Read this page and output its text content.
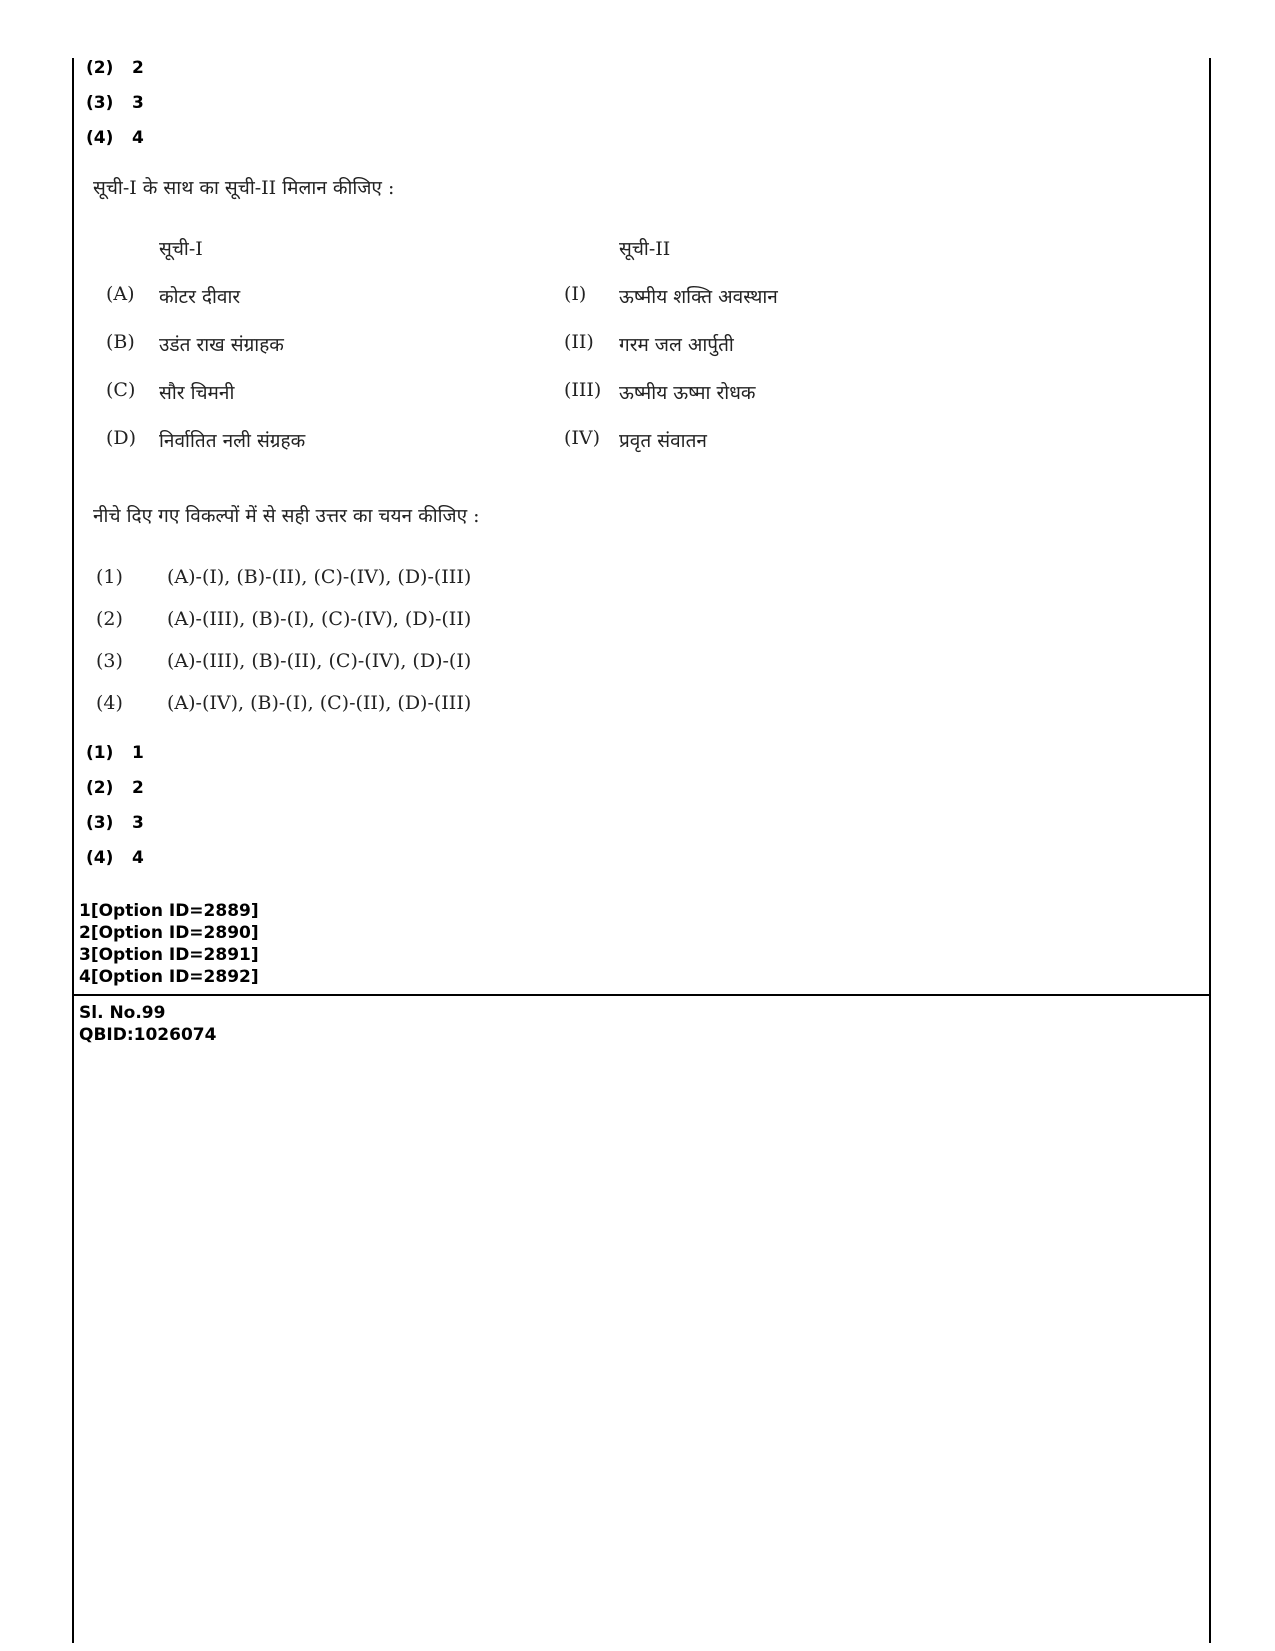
(2) 2
(3) 3
(4) 4
सूची-I के साथ का सूची-II मिलान कीजिए :
सूची-I	सूची-II
(A) कोटर दीवार
(B) उडंत राख संग्राहक
(C) सौर चिमनी
(D) निर्वातित नली संग्रहक
(I) ऊष्मीय शक्ति अवस्थान
(II) गरम जल आर्पुती
(III) ऊष्मीय ऊष्मा रोधक
(IV) प्रवृत संवातन
नीचे दिए गए विकल्पों में से सही उत्तर का चयन कीजिए :
(1) (A)-(I), (B)-(II), (C)-(IV), (D)-(III)
(2) (A)-(III), (B)-(I), (C)-(IV), (D)-(II)
(3) (A)-(III), (B)-(II), (C)-(IV), (D)-(I)
(4) (A)-(IV), (B)-(I), (C)-(II), (D)-(III)
(1) 1
(2) 2
(3) 3
(4) 4
1[Option ID=2889]
2[Option ID=2890]
3[Option ID=2891]
4[Option ID=2892]
Sl. No.99
QBID:1026074
